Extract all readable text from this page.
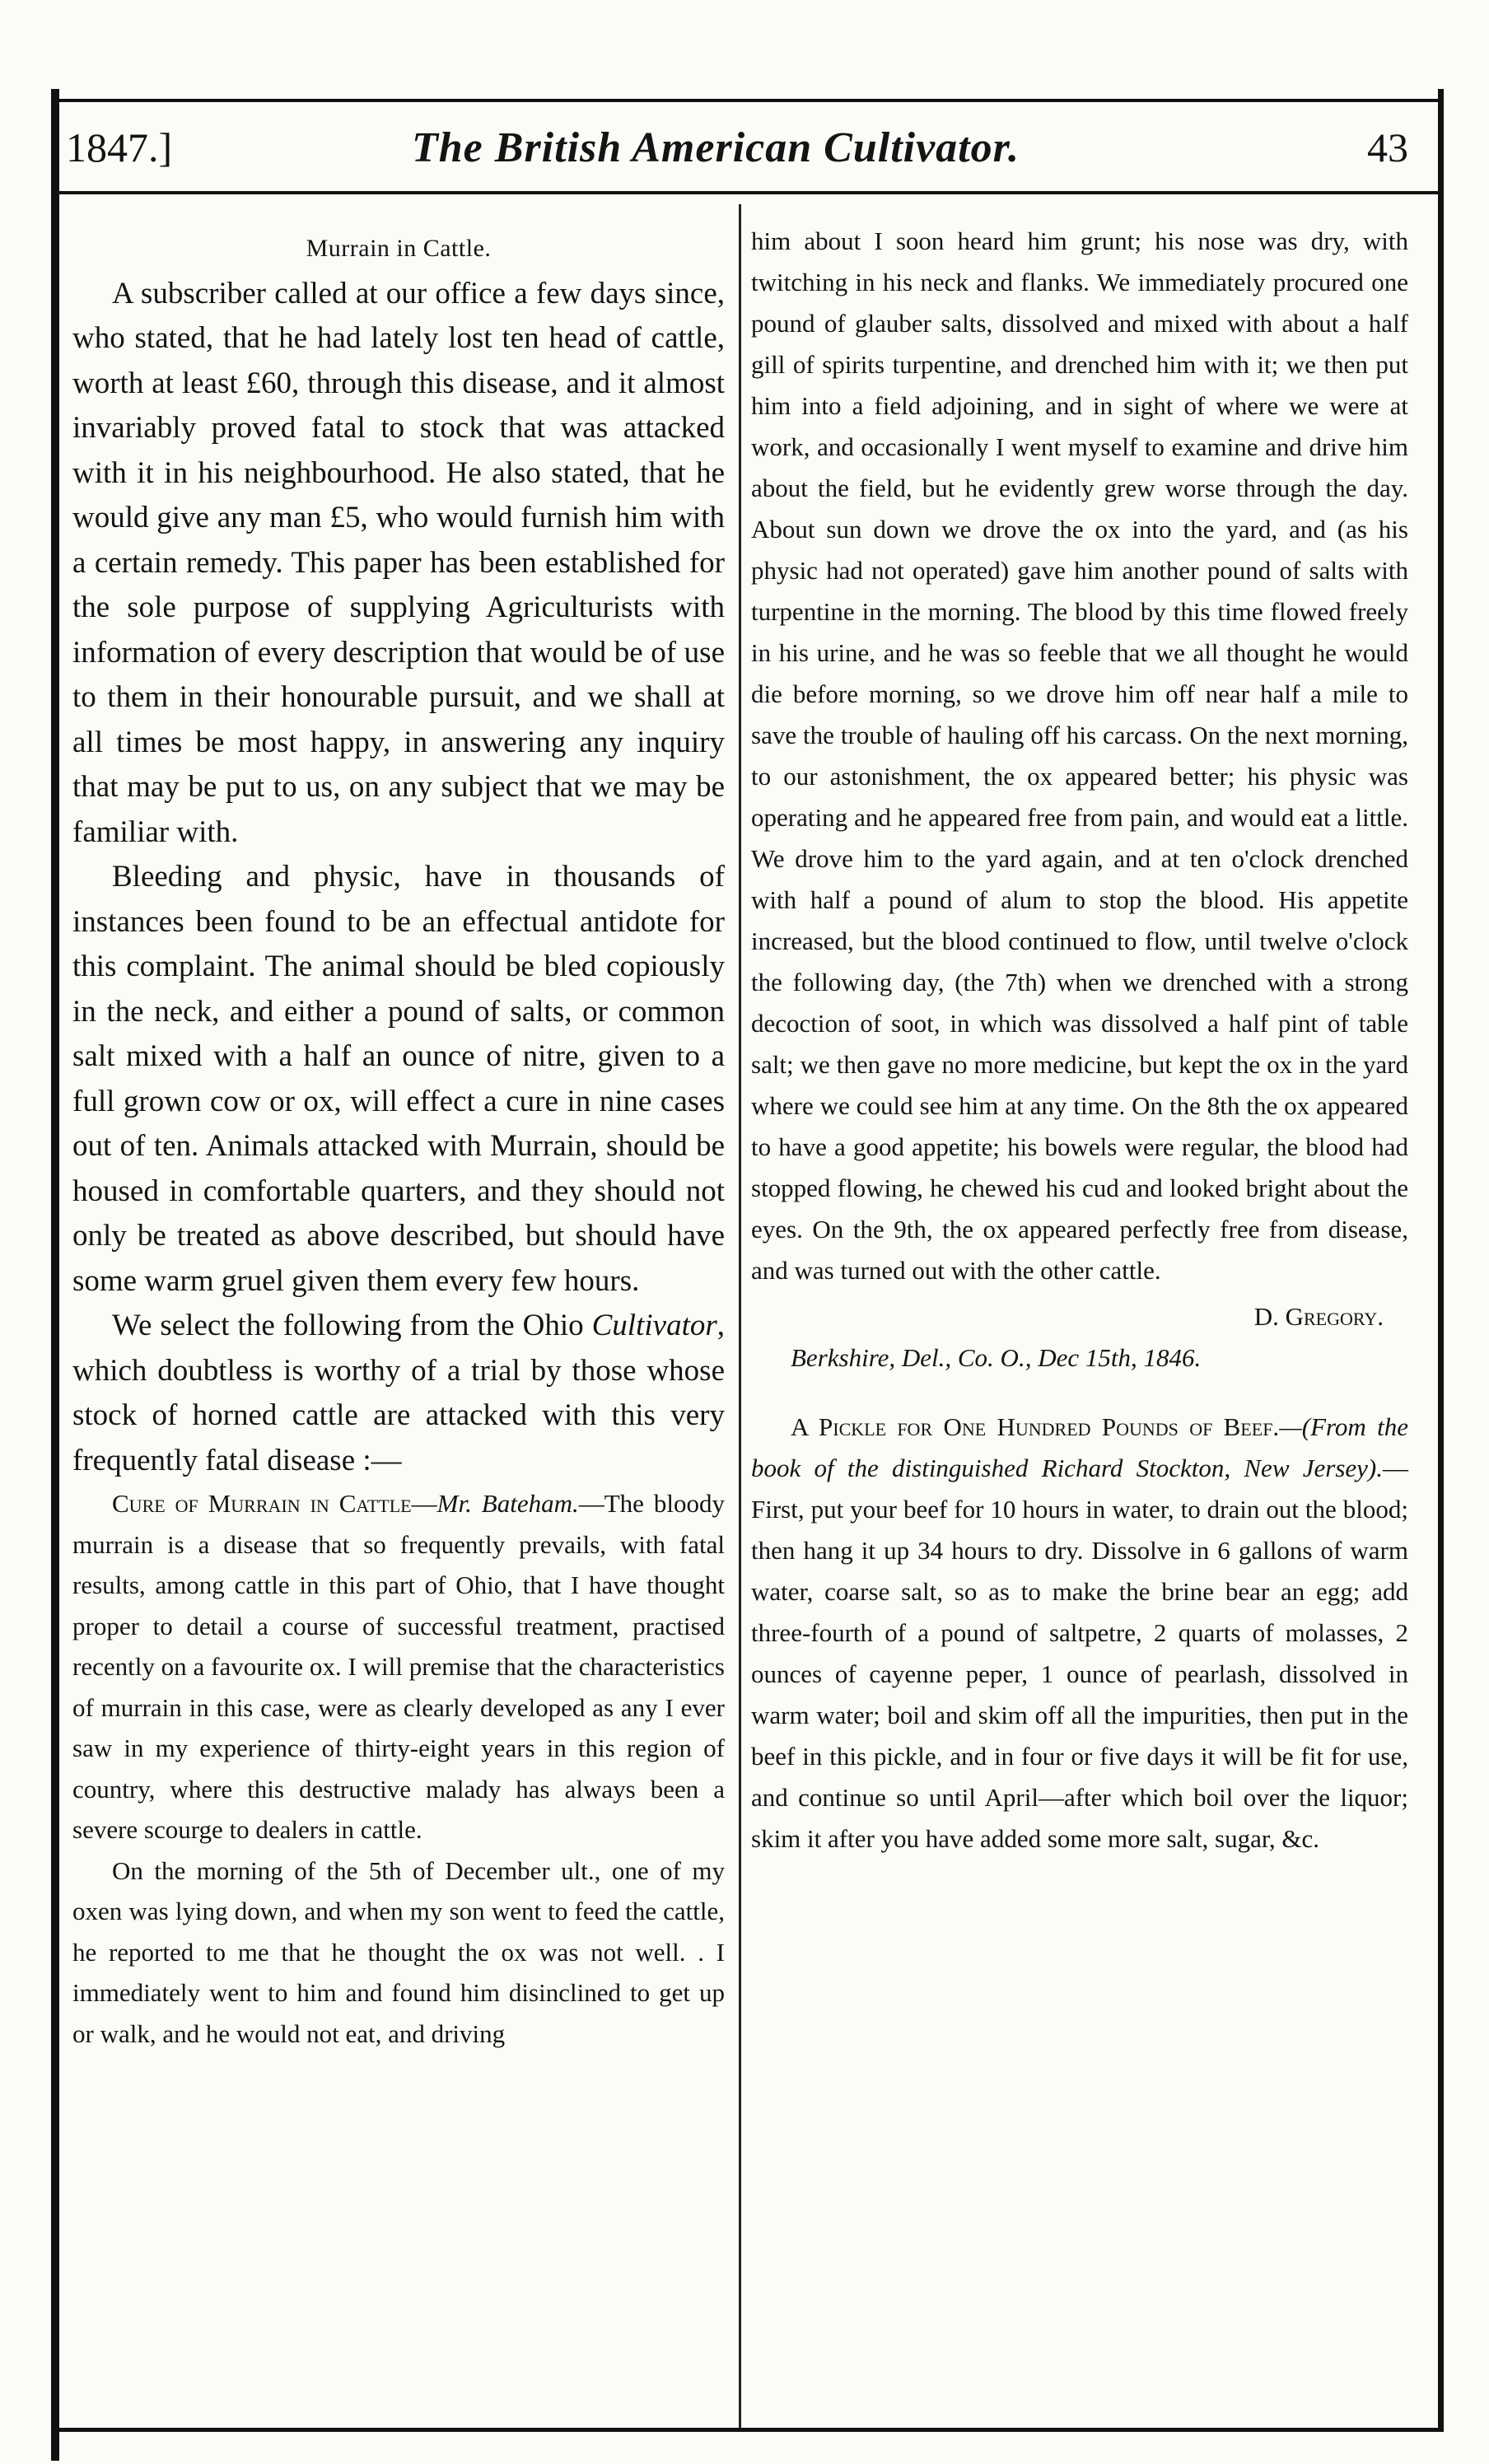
1847.]	The British American Cultivator.	43

Murrain in Cattle.

A subscriber called at our office a few days since, who stated, that he had lately lost ten head of cattle, worth at least £60, through this disease, and it almost invariably proved fatal to stock that was attacked with it in his neighbourhood. He also stated, that he would give any man £5, who would furnish him with a certain remedy. This paper has been established for the sole purpose of supplying Agriculturists with information of every description that would be of use to them in their honourable pursuit, and we shall at all times be most happy, in answering any inquiry that may be put to us, on any subject that we may be familiar with.

Bleeding and physic, have in thousands of instances been found to be an effectual antidote for this complaint. The animal should be bled copiously in the neck, and either a pound of salts, or common salt mixed with a half an ounce of nitre, given to a full grown cow or ox, will effect a cure in nine cases out of ten. Animals attacked with Murrain, should be housed in comfortable quarters, and they should not only be treated as above described, but should have some warm gruel given them every few hours.

We select the following from the Ohio Cultivator, which doubtless is worthy of a trial by those whose stock of horned cattle are attacked with this very frequently fatal disease :—

Cure of Murrain in Cattle—Mr. Bateham.—The bloody murrain is a disease that so frequently prevails, with fatal results, among cattle in this part of Ohio, that I have thought proper to detail a course of successful treatment, practised recently on a favourite ox. I will premise that the characteristics of murrain in this case, were as clearly developed as any I ever saw in my experience of thirty-eight years in this region of country, where this destructive malady has always been a severe scourge to dealers in cattle.

On the morning of the 5th of December ult., one of my oxen was lying down, and when my son went to feed the cattle, he reported to me that he thought the ox was not well. . I immediately went to him and found him disinclined to get up or walk, and he would not eat, and driving

him about I soon heard him grunt; his nose was dry, with twitching in his neck and flanks. We immediately procured one pound of glauber salts, dissolved and mixed with about a half gill of spirits turpentine, and drenched him with it; we then put him into a field adjoining, and in sight of where we were at work, and occasionally I went myself to examine and drive him about the field, but he evidently grew worse through the day. About sun down we drove the ox into the yard, and (as his physic had not operated) gave him another pound of salts with turpentine in the morning. The blood by this time flowed freely in his urine, and he was so feeble that we all thought he would die before morning, so we drove him off near half a mile to save the trouble of hauling off his carcass. On the next morning, to our astonishment, the ox appeared better; his physic was operating and he appeared free from pain, and would eat a little. We drove him to the yard again, and at ten o'clock drenched with half a pound of alum to stop the blood. His appetite increased, but the blood continued to flow, until twelve o'clock the following day, (the 7th) when we drenched with a strong decoction of soot, in which was dissolved a half pint of table salt; we then gave no more medicine, but kept the ox in the yard where we could see him at any time. On the 8th the ox appeared to have a good appetite; his bowels were regular, the blood had stopped flowing, he chewed his cud and looked bright about the eyes. On the 9th, the ox appeared perfectly free from disease, and was turned out with the other cattle.

D. Gregory.

Berkshire, Del., Co. O., Dec 15th, 1846.

A Pickle for One Hundred Pounds of Beef.—(From the book of the distinguished Richard Stockton, New Jersey).—First, put your beef for 10 hours in water, to drain out the blood; then hang it up 34 hours to dry. Dissolve in 6 gallons of warm water, coarse salt, so as to make the brine bear an egg; add three-fourth of a pound of saltpetre, 2 quarts of molasses, 2 ounces of cayenne peper, 1 ounce of pearlash, dissolved in warm water; boil and skim off all the impurities, then put in the beef in this pickle, and in four or five days it will be fit for use, and continue so until April—after which boil over the liquor; skim it after you have added some more salt, sugar, &c.
